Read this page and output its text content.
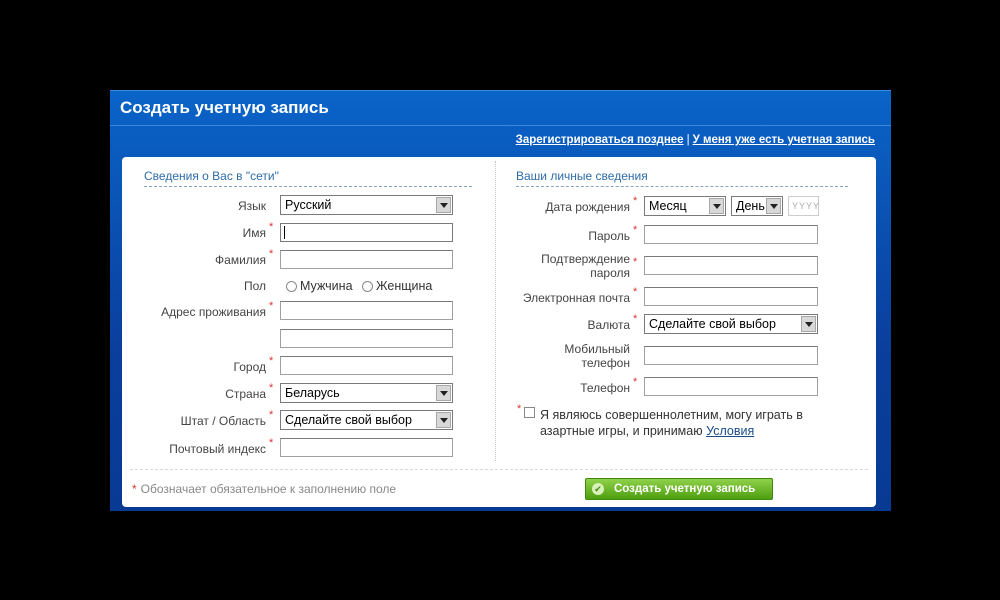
Создать учетную запись
Зарегистрироваться позднее | У меня уже есть учетная запись
Сведения о Вас в "сети"
Язык	Русский
Имя *
Фамилия *
Пол	Мужчина Женщина
Адрес проживания *
Город *
Страна * Беларусь
Штат / Область * Сделайте свой выбор
Почтовый индекс *
Ваши личные сведения
Дата рождения * Месяц	День	YYYY
Пароль *
Подтверждение
пароля
*
Электронная почта *
Валюта * Сделайте свой выбор
Мобильный
телефон
Телефон *
* Я являюсь совершеннолетним, могу играть в азартные игры, и принимаю Условия
* Обозначает обязательное к заполнению поле	✔ Создать учетную запись
